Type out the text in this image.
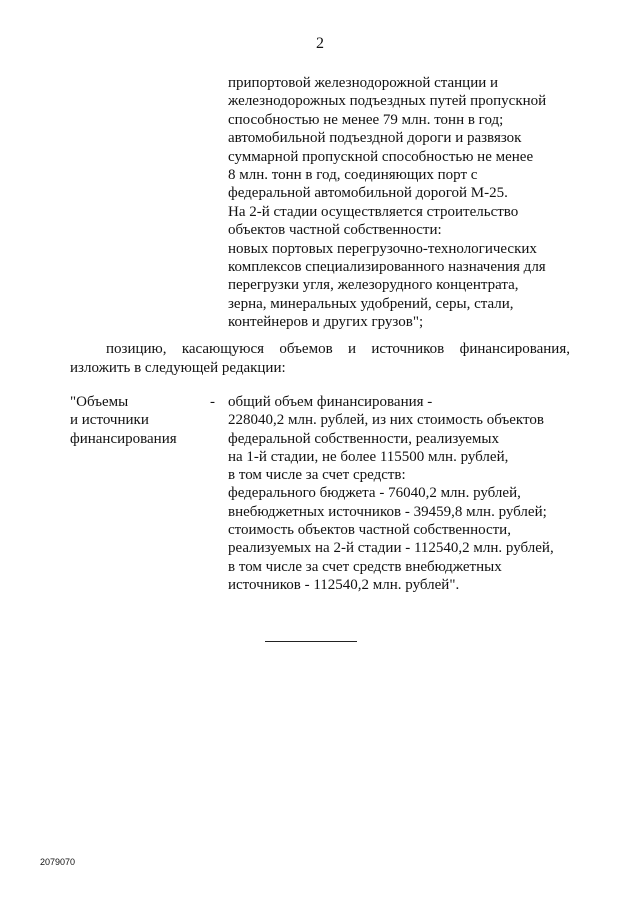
2
припортовой железнодорожной станции и
железнодорожных подъездных путей пропускной
способностью не менее 79 млн. тонн в год;
автомобильной подъездной дороги и развязок
суммарной пропускной способностью не менее
8 млн. тонн в год, соединяющих порт с
федеральной автомобильной дорогой М-25.
На 2-й стадии осуществляется строительство
объектов частной собственности:
новых портовых перегрузочно-технологических
комплексов специализированного назначения для
перегрузки угля, железорудного концентрата,
зерна, минеральных удобрений, серы, стали,
контейнеров и других грузов";
позицию, касающуюся объемов и источников финансирования,
изложить в следующей редакции:
"Объемы
и источники
финансирования
- общий объем финансирования -
228040,2 млн. рублей, из них стоимость объектов
федеральной собственности, реализуемых
на 1-й стадии, не более 115500 млн. рублей,
в том числе за счет средств:
федерального бюджета - 76040,2 млн. рублей,
внебюджетных источников - 39459,8 млн. рублей;
стоимость объектов частной собственности,
реализуемых на 2-й стадии - 112540,2 млн. рублей,
в том числе за счет средств внебюджетных
источников - 112540,2 млн. рублей".
2079070
